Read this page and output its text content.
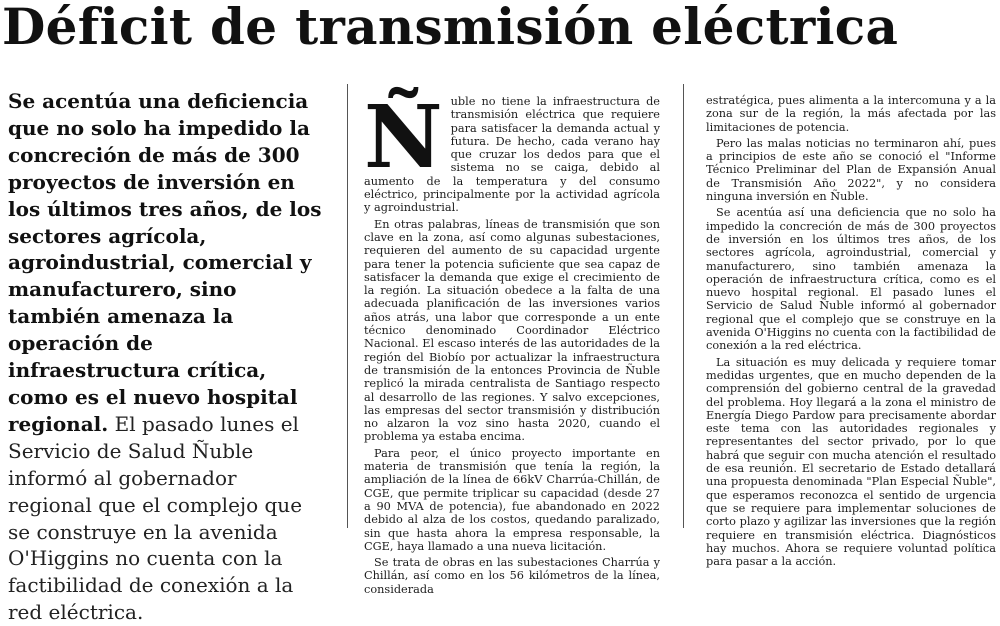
Déficit de transmisión eléctrica

Se acentúa una deficiencia que no solo ha impedido la concreción de más de 300 proyectos de inversión en los últimos tres años, de los sectores agrícola, agroindustrial, comercial y manufacturero, sino también amenaza la operación de infraestructura crítica, como es el nuevo hospital regional. El pasado lunes el Servicio de Salud Ñuble informó al gobernador regional que el complejo que se construye en la avenida O'Higgins no cuenta con la factibilidad de conexión a la red eléctrica.

Ñ uble no tiene la infraestructura de transmisión eléctrica que requiere para satisfacer la demanda actual y futura. De hecho, cada verano hay que cruzar los dedos para que el sistema no se caiga, debido al aumento de la temperatura y del consumo eléctrico, principalmente por la actividad agrícola y agroindustrial.

En otras palabras, líneas de transmisión que son clave en la zona, así como algunas subestaciones, requieren del aumento de su capacidad urgente para tener la potencia suficiente que sea capaz de satisfacer la demanda que exige el crecimiento de la región. La situación obedece a la falta de una adecuada planificación de las inversiones varios años atrás, una labor que corresponde a un ente técnico denominado Coordinador Eléctrico Nacional. El escaso interés de las autoridades de la región del Biobío por actualizar la infraestructura de transmisión de la entonces Provincia de Ñuble replicó la mirada centralista de Santiago respecto al desarrollo de las regiones. Y salvo excepciones, las empresas del sector transmisión y distribución no alzaron la voz sino hasta 2020, cuando el problema ya estaba encima.

Para peor, el único proyecto importante en materia de transmisión que tenía la región, la ampliación de la línea de 66kV Charrúa-Chillán, de CGE, que permite triplicar su capacidad (desde 27 a 90 MVA de potencia), fue abandonado en 2022 debido al alza de los costos, quedando paralizado, sin que hasta ahora la empresa responsable, la CGE, haya llamado a una nueva licitación.

Se trata de obras en las subestaciones Charrúa y Chillán, así como en los 56 kilómetros de la línea, considerada

estratégica, pues alimenta a la intercomuna y a la zona sur de la región, la más afectada por las limitaciones de potencia.

Pero las malas noticias no terminaron ahí, pues a principios de este año se conoció el "Informe Técnico Preliminar del Plan de Expansión Anual de Transmisión Año 2022", y no considera ninguna inversión en Ñuble.

Se acentúa así una deficiencia que no solo ha impedido la concreción de más de 300 proyectos de inversión en los últimos tres años, de los sectores agrícola, agroindustrial, comercial y manufacturero, sino también amenaza la operación de infraestructura crítica, como es el nuevo hospital regional. El pasado lunes el Servicio de Salud Ñuble informó al gobernador regional que el complejo que se construye en la avenida O'Higgins no cuenta con la factibilidad de conexión a la red eléctrica.

La situación es muy delicada y requiere tomar medidas urgentes, que en mucho dependen de la comprensión del gobierno central de la gravedad del problema. Hoy llegará a la zona el ministro de Energía Diego Pardow para precisamente abordar este tema con las autoridades regionales y representantes del sector privado, por lo que habrá que seguir con mucha atención el resultado de esa reunión. El secretario de Estado detallará una propuesta denominada "Plan Especial Ñuble", que esperamos reconozca el sentido de urgencia que se requiere para implementar soluciones de corto plazo y agilizar las inversiones que la región requiere en transmisión eléctrica. Diagnósticos hay muchos. Ahora se requiere voluntad política para pasar a la acción.
